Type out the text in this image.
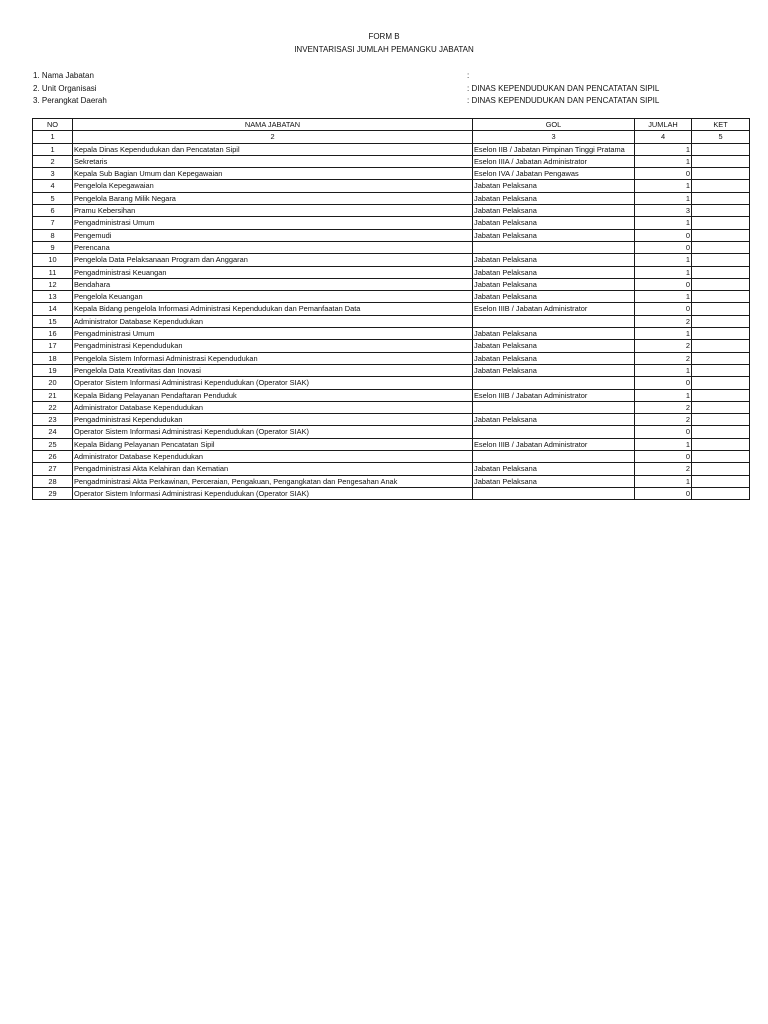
FORM B
INVENTARISASI JUMLAH PEMANGKU JABATAN
1. Nama Jabatan	:
2. Unit Organisasi	: DINAS KEPENDUDUKAN DAN PENCATATAN SIPIL
3. Perangkat Daerah	: DINAS KEPENDUDUKAN DAN PENCATATAN SIPIL
NO	NAMA JABATAN	GOL	JUMLAH	KET
1	2	3	4	5
1	Kepala Dinas Kependudukan dan Pencatatan Sipil	Eselon IIB / Jabatan Pimpinan Tinggi Pratama	1	
2	Sekretaris	Eselon IIIA / Jabatan Administrator	1	
3	Kepala Sub Bagian Umum dan Kepegawaian	Eselon IVA / Jabatan Pengawas	0	
4	Pengelola Kepegawaian	Jabatan Pelaksana	1	
5	Pengelola Barang Milik Negara	Jabatan Pelaksana	1	
6	Pramu Kebersihan	Jabatan Pelaksana	3	
7	Pengadministrasi Umum	Jabatan Pelaksana	1	
8	Pengemudi	Jabatan Pelaksana	0	
9	Perencana		0	
10	Pengelola Data Pelaksanaan Program dan Anggaran	Jabatan Pelaksana	1	
11	Pengadministrasi Keuangan	Jabatan Pelaksana	1	
12	Bendahara	Jabatan Pelaksana	0	
13	Pengelola Keuangan	Jabatan Pelaksana	1	
14	Kepala Bidang pengelola Informasi Administrasi Kependudukan dan Pemanfaatan Data	Eselon IIIB / Jabatan Administrator	0	
15	Administrator Database Kependudukan		2	
16	Pengadministrasi Umum	Jabatan Pelaksana	1	
17	Pengadministrasi Kependudukan	Jabatan Pelaksana	2	
18	Pengelola Sistem Informasi Administrasi Kependudukan	Jabatan Pelaksana	2	
19	Pengelola Data Kreativitas dan Inovasi	Jabatan Pelaksana	1	
20	Operator Sistem Informasi Administrasi Kependudukan (Operator SIAK)		0	
21	Kepala Bidang Pelayanan Pendaftaran Penduduk	Eselon IIIB / Jabatan Administrator	1	
22	Administrator Database Kependudukan		2	
23	Pengadministrasi Kependudukan	Jabatan Pelaksana	2	
24	Operator Sistem Informasi Administrasi Kependudukan (Operator SIAK)		0	
25	Kepala Bidang Pelayanan Pencatatan Sipil	Eselon IIIB / Jabatan Administrator	1	
26	Administrator Database Kependudukan		0	
27	Pengadministrasi Akta Kelahiran dan Kematian	Jabatan Pelaksana	2	
28	Pengadministrasi Akta Perkawinan, Perceraian, Pengakuan, Pengangkatan dan Pengesahan Anak	Jabatan Pelaksana	1	
29	Operator Sistem Informasi Administrasi Kependudukan (Operator SIAK)		0	
